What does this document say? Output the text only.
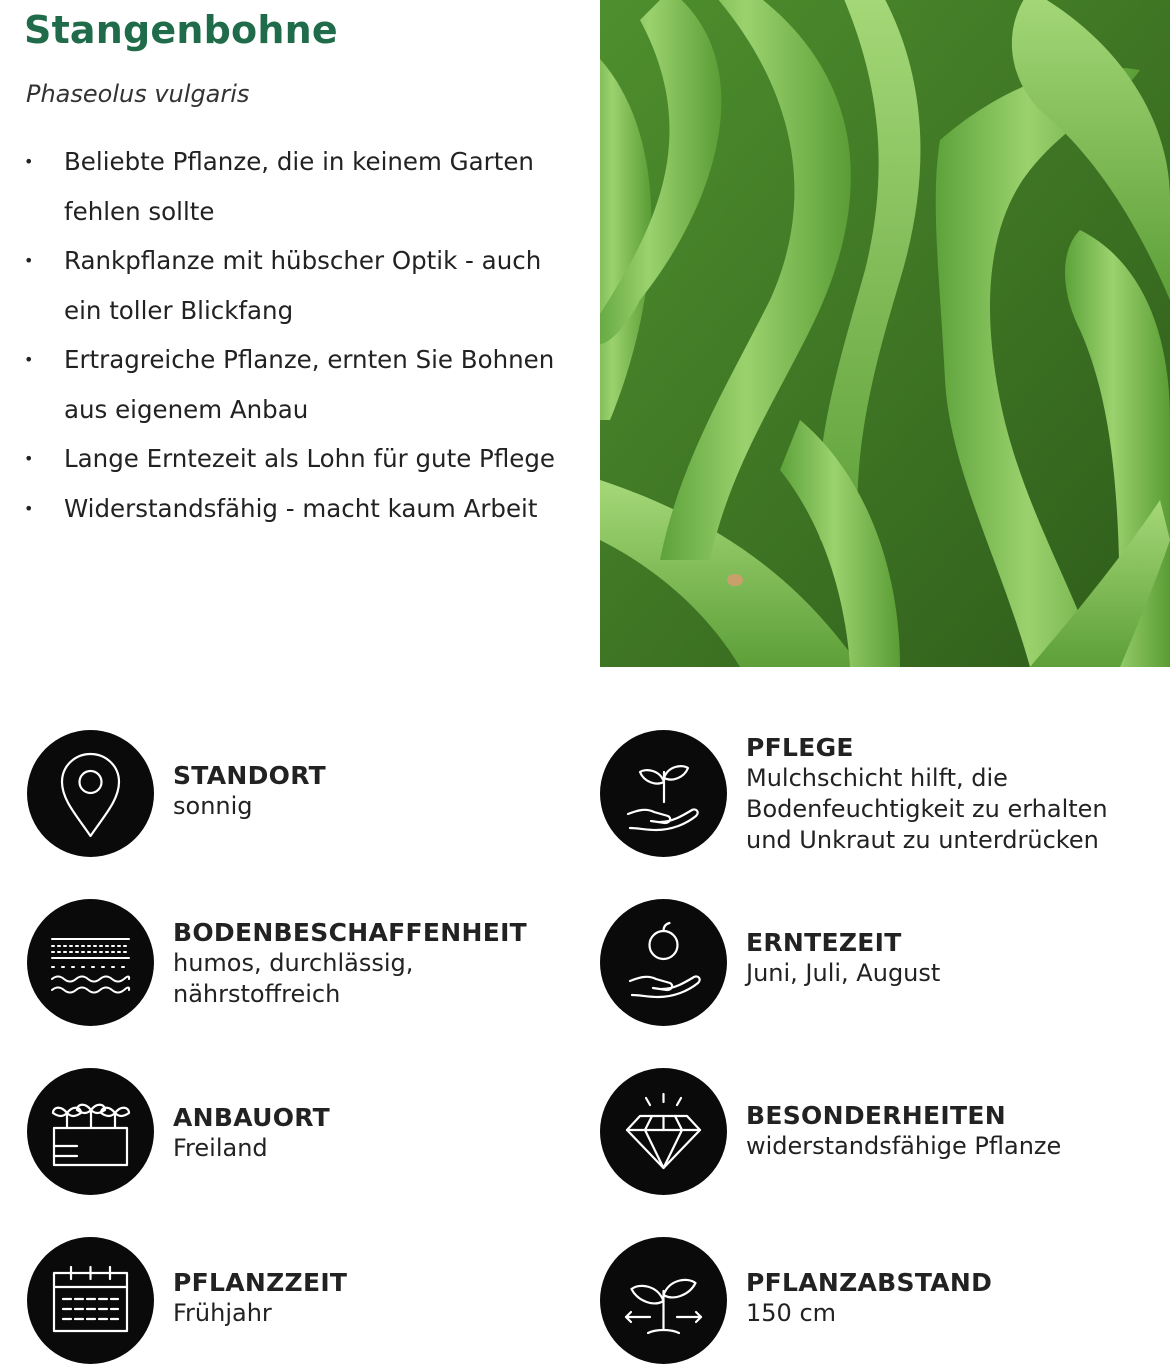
Stangenbohne

Phaseolus vulgaris

• Beliebte Pflanze, die in keinem Garten fehlen sollte
• Rankpflanze mit hübscher Optik - auch ein toller Blickfang
• Ertragreiche Pflanze, ernten Sie Bohnen aus eigenem Anbau
• Lange Erntezeit als Lohn für gute Pflege
• Widerstandsfähig - macht kaum Arbeit
STANDORT
sonnig
BODENBESCHAFFENHEIT
humos, durchlässig,
nährstoffreich
ANBAUORT
Freiland
PFLANZZEIT
Frühjahr
PFLEGE
Mulchschicht hilft, die
Bodenfeuchtigkeit zu erhalten
und Unkraut zu unterdrücken
ERNTEZEIT
Juni, Juli, August
BESONDERHEITEN
widerstandsfähige Pflanze
PFLANZABSTAND
150 cm
